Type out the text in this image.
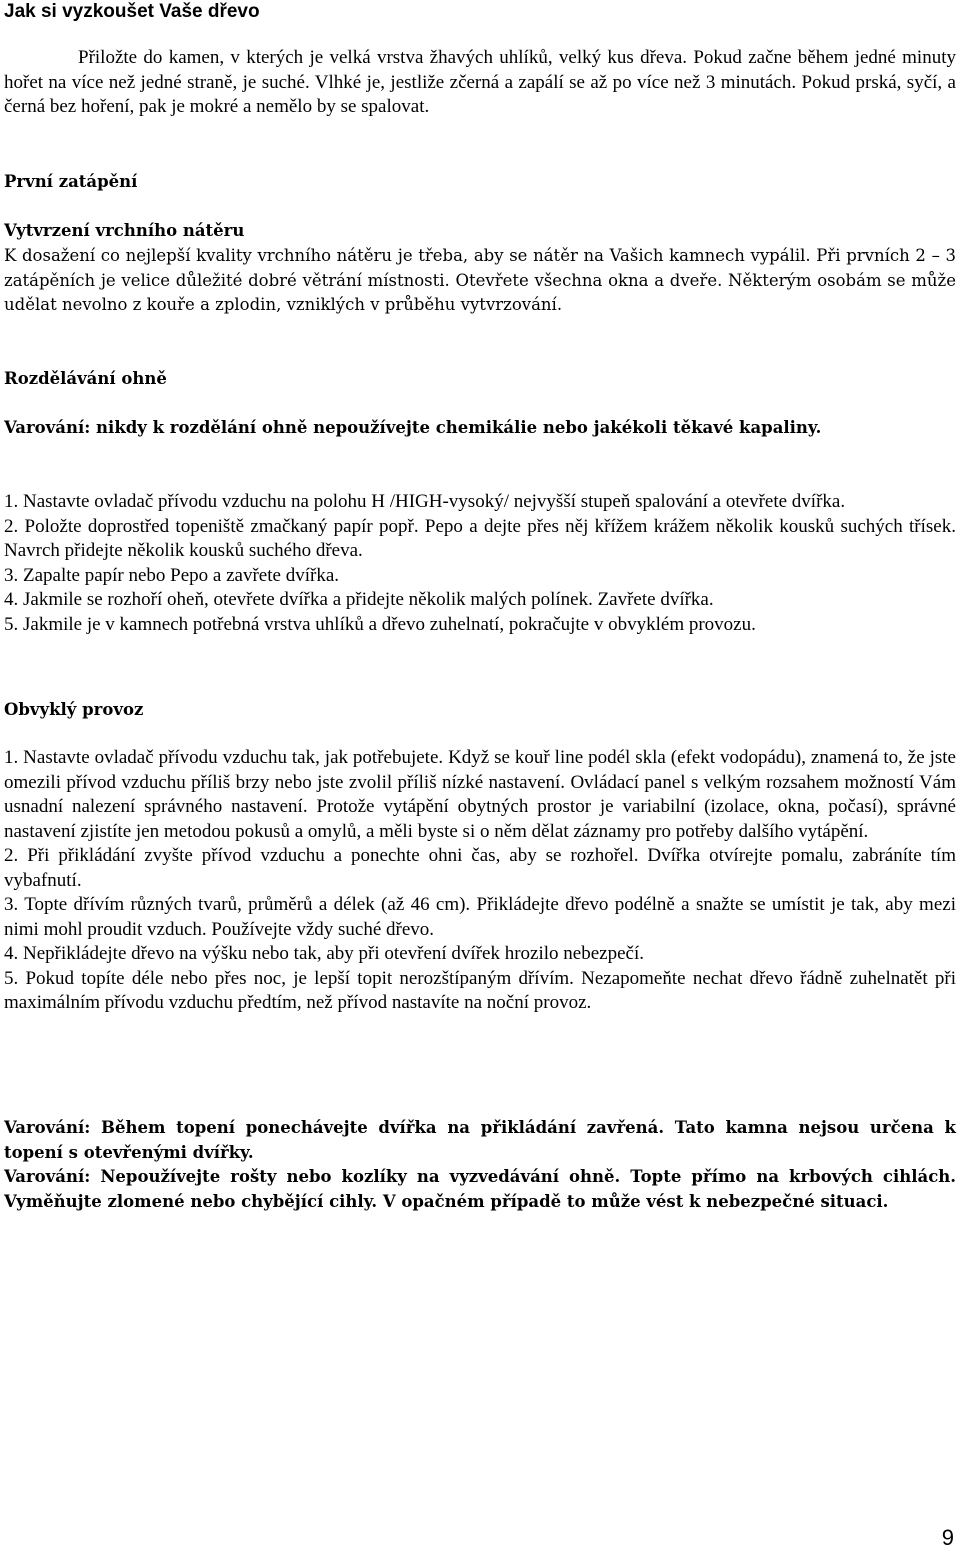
Jak si vyzkoušet Vaše dřevo

Přiložte do kamen, v kterých je velká vrstva žhavých uhlíků, velký kus dřeva. Pokud začne během jedné minuty hořet na více než jedné straně, je suché. Vlhké je, jestliže zčerná a zapálí se až po více než 3 minutách. Pokud prská, syčí, a černá bez hoření, pak je mokré a nemělo by se spalovat.

První zatápění
Vytvrzení vrchního nátěru

K dosažení co nejlepší kvality vrchního nátěru je třeba, aby se nátěr na Vašich kamnech vypálil. Při prvních 2 – 3 zatápěních je velice důležité dobré větrání místnosti. Otevřete všechna okna a dveře. Některým osobám se může udělat nevolno z kouře a zplodin, vzniklých v průběhu vytvrzování.

Rozdělávání ohně

Varování: nikdy k rozdělání ohně nepoužívejte chemikálie nebo jakékoli těkavé kapaliny.

1. Nastavte ovladač přívodu vzduchu na polohu H /HIGH-vysoký/ nejvyšší stupeň spalování a otevřete dvířka.
2. Položte doprostřed topeniště zmačkaný papír popř. Pepo a dejte přes něj křížem krážem několik kousků suchých třísek. Navrch přidejte několik kousků suchého dřeva.
3. Zapalte papír nebo Pepo a zavřete dvířka.
4. Jakmile se rozhoří oheň, otevřete dvířka a přidejte několik malých polínek. Zavřete dvířka.
5. Jakmile je v kamnech potřebná vrstva uhlíků a dřevo zuhelnatí, pokračujte v obvyklém provozu.
Obvyklý provoz
1. Nastavte ovladač přívodu vzduchu tak, jak potřebujete. Když se kouř line podél skla (efekt vodopádu), znamená to, že jste omezili přívod vzduchu příliš brzy nebo jste zvolil příliš nízké nastavení. Ovládací panel s velkým rozsahem možností Vám usnadní nalezení správného nastavení. Protože vytápění obytných prostor je variabilní (izolace, okna, počasí), správné nastavení zjistíte jen metodou pokusů a omylů, a měli byste si o něm dělat záznamy pro potřeby dalšího vytápění.
2. Při přikládání zvyšte přívod vzduchu a ponechte ohni čas, aby se rozhořel. Dvířka otvírejte pomalu, zabráníte tím vybafnutí.
3. Topte dřívím různých tvarů, průměrů a délek (až 46 cm). Přikládejte dřevo podélně a snažte se umístit je tak, aby mezi nimi mohl proudit vzduch. Používejte vždy suché dřevo.
4. Nepřikládejte dřevo na výšku nebo tak, aby při otevření dvířek hrozilo nebezpečí.
5. Pokud topíte déle nebo přes noc, je lepší topit nerozštípaným dřívím. Nezapomeňte nechat dřevo řádně zuhelnatět při maximálním přívodu vzduchu předtím, než přívod nastavíte na noční provoz.

Varování: Během topení ponechávejte dvířka na přikládání zavřená. Tato kamna nejsou určena k topení s otevřenými dvířky.

Varování: Nepoužívejte rošty nebo kozlíky na vyzvedávání ohně. Topte přímo na krbových cihlách. Vyměňujte zlomené nebo chybějící cihly. V opačném případě to může vést k nebezpečné situaci.

9
